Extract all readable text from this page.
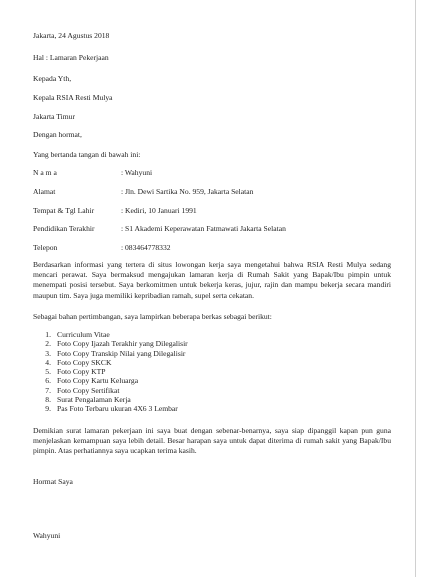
Jakarta, 24 Agustus 2018
Hal : Lamaran Pekerjaan
Kepada Yth,
Kepala RSIA Resti Mulya
Jakarta Timur
Dengan hormat,
Yang bertanda tangan di bawah ini:
N a m a	: Wahyuni
Alamat	: Jln. Dewi Sartika No. 959, Jakarta Selatan
Tempat & Tgl Lahir	: Kediri, 10 Januari 1991
Pendidikan Terakhir	: S1 Akademi Keperawatan Fatmawati Jakarta Selatan
Telepon	: 083464778332
Berdasarkan informasi yang tertera di situs lowongan kerja saya mengetahui bahwa RSIA Resti Mulya sedang mencari perawat. Saya bermaksud mengajukan lamaran kerja di Rumah Sakit yang Bapak/Ibu pimpin untuk menempati posisi tersebut. Saya berkomitmen untuk bekerja keras, jujur, rajin dan mampu bekerja secara mandiri maupun tim. Saya juga memiliki kepribadian ramah, supel serta cekatan.
Sebagai bahan pertimbangan, saya lampirkan beberapa berkas sebagai berikut:
1. Curriculum Vitae
2. Foto Copy Ijazah Terakhir yang Dilegalisir
3. Foto Copy Transkip Nilai yang Dilegalisir
4. Foto Copy SKCK
5. Foto Copy KTP
6. Foto Copy Kartu Keluarga
7. Foto Copy Sertifikat
8. Surat Pengalaman Kerja
9. Pas Foto Terbaru ukuran 4X6 3 Lembar
Demikian surat lamaran pekerjaan ini saya buat dengan sebenar-benarnya, saya siap dipanggil kapan pun guna menjelaskan kemampuan saya lebih detail. Besar harapan saya untuk dapat diterima di rumah sakit yang Bapak/Ibu pimpin. Atas perhatiannya saya ucapkan terima kasih.
Hormat Saya
Wahyuni
